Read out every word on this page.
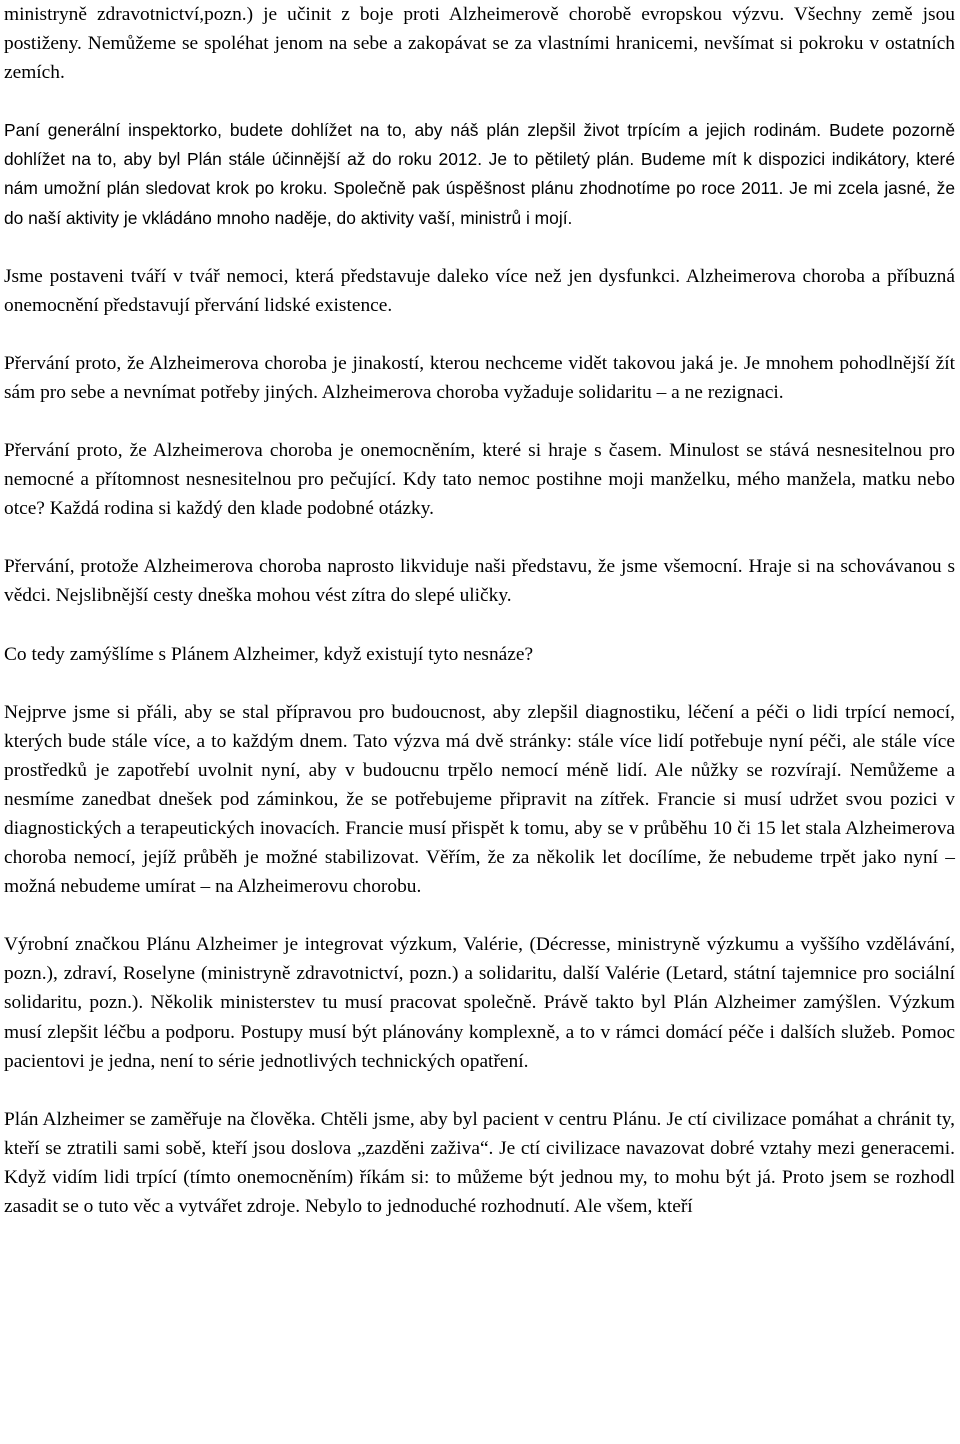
ministryně zdravotnictví,pozn.) je učinit z boje proti Alzheimerově chorobě evropskou výzvu. Všechny země jsou postiženy. Nemůžeme se spoléhat jenom na sebe a zakopávat se za vlastními hranicemi, nevšímat si pokroku v ostatních zemích.

Paní generální inspektorko, budete dohlížet na to, aby náš plán zlepšil život trpícím a jejich rodinám. Budete pozorně dohlížet na to, aby byl Plán stále účinnější až do roku 2012. Je to pětiletý plán. Budeme mít k dispozici indikátory, které nám umožní plán sledovat krok po kroku. Společně pak úspěšnost plánu zhodnotíme po roce 2011. Je mi zcela jasné, že do naší aktivity je vkládáno mnoho naděje, do aktivity vaší, ministrů i mojí.

Jsme postaveni tváří v tvář nemoci, která představuje daleko více než jen dysfunkci. Alzheimerova choroba a příbuzná onemocnění představují přervání lidské existence.

Přervání proto, že Alzheimerova choroba je jinakostí, kterou nechceme vidět takovou jaká je. Je mnohem pohodlnější žít sám pro sebe a nevnímat potřeby jiných. Alzheimerova choroba vyžaduje solidaritu – a ne rezignaci.

Přervání proto, že Alzheimerova choroba je onemocněním, které si hraje s časem. Minulost se stává nesnesitelnou pro nemocné a přítomnost nesnesitelnou pro pečující. Kdy tato nemoc postihne moji manželku, mého manžela, matku nebo otce? Každá rodina si každý den klade podobné otázky.

Přervání, protože Alzheimerova choroba naprosto likviduje naši představu, že jsme všemocní. Hraje si na schovávanou s vědci. Nejslibnější cesty dneška mohou vést zítra do slepé uličky.

Co tedy zamýšlíme s Plánem Alzheimer, když existují tyto nesnáze?

Nejprve jsme si přáli, aby se stal přípravou pro budoucnost, aby zlepšil diagnostiku, léčení a péči o lidi trpící nemocí, kterých bude stále více, a to každým dnem. Tato výzva má dvě stránky: stále více lidí potřebuje nyní péči, ale stále více prostředků je zapotřebí uvolnit nyní, aby v budoucnu trpělo nemocí méně lidí. Ale nůžky se rozvírají. Nemůžeme a nesmíme zanedbat dnešek pod záminkou, že se potřebujeme připravit na zítřek. Francie si musí udržet svou pozici v diagnostických a terapeutických inovacích. Francie musí přispět k tomu, aby se v průběhu 10 či 15 let stala Alzheimerova choroba nemocí, jejíž průběh je možné stabilizovat. Věřím, že za několik let docílíme, že nebudeme trpět jako nyní – možná nebudeme umírat – na Alzheimerovu chorobu.

Výrobní značkou Plánu Alzheimer je integrovat výzkum, Valérie, (Décresse, ministryně výzkumu a vyššího vzdělávání, pozn.), zdraví, Roselyne (ministryně zdravotnictví, pozn.) a solidaritu, další Valérie (Letard, státní tajemnice pro sociální solidaritu, pozn.). Několik ministerstev tu musí pracovat společně. Právě takto byl Plán Alzheimer zamýšlen. Výzkum musí zlepšit léčbu a podporu. Postupy musí být plánovány komplexně, a to v rámci domácí péče i dalších služeb. Pomoc pacientovi je jedna, není to série jednotlivých technických opatření.

Plán Alzheimer se zaměřuje na člověka. Chtěli jsme, aby byl pacient v centru Plánu. Je ctí civilizace pomáhat a chránit ty, kteří se ztratili sami sobě, kteří jsou doslova „zazděni zaživa“. Je ctí civilizace navazovat dobré vztahy mezi generacemi. Když vidím lidi trpící (tímto onemocněním) říkám si: to můžeme být jednou my, to mohu být já. Proto jsem se rozhodl zasadit se o tuto věc a vytvářet zdroje. Nebylo to jednoduché rozhodnutí. Ale všem, kteří
